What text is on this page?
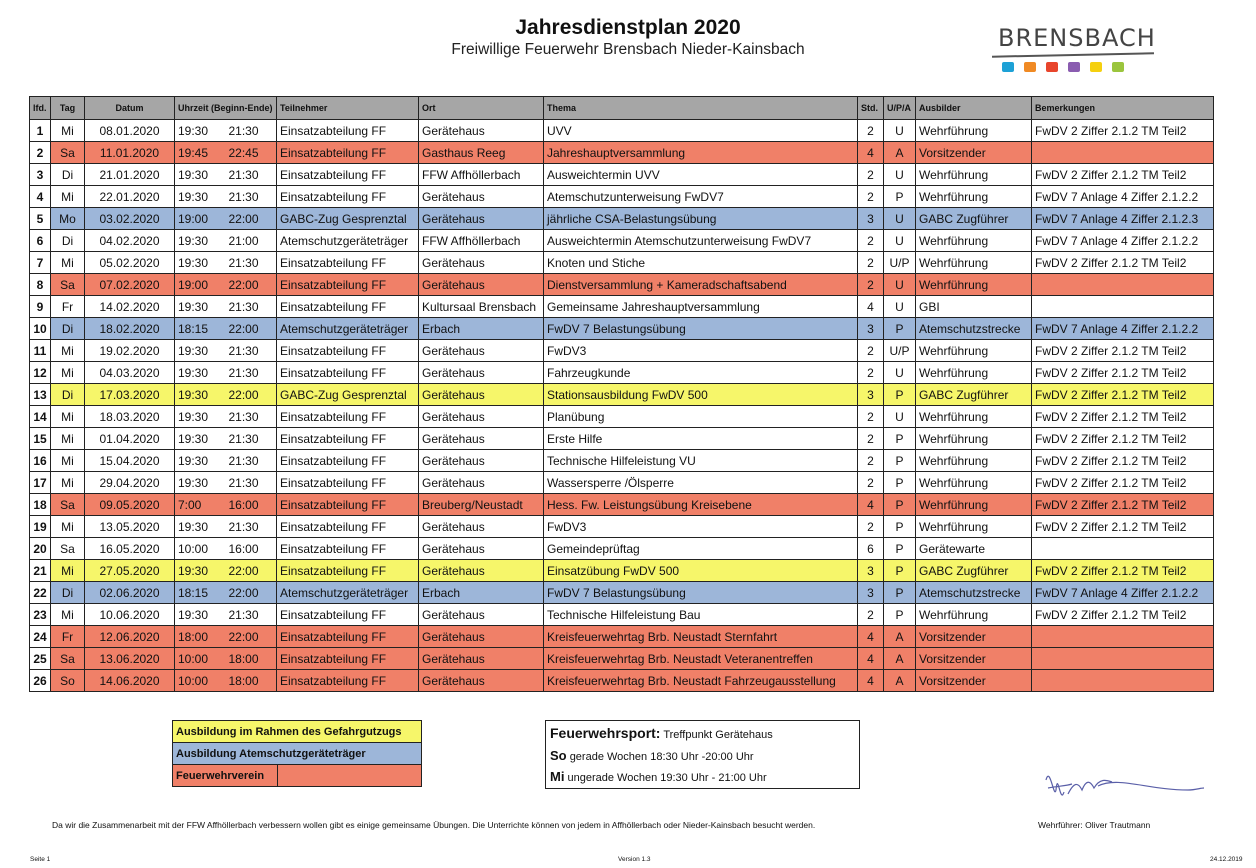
Jahresdienstplan 2020
Freiwillige Feuerwehr Brensbach Nieder-Kainsbach	BRENSBACH
lfd.	Tag	Datum	Uhrzeit (Beginn-Ende)		Teilnehmer	Ort	Thema	Std.	U/P/A	Ausbilder	Bemerkungen
1	Mi	08.01.2020	19:30	21:30	Einsatzabteilung FF	Gerätehaus	UVV	2	U	Wehrführung	FwDV 2 Ziffer 2.1.2 TM Teil2
2	Sa	11.01.2020	19:45	22:45	Einsatzabteilung FF	Gasthaus Reeg	Jahreshauptversammlung	4	A	Vorsitzender	
3	Di	21.01.2020	19:30	21:30	Einsatzabteilung FF	FFW Affhöllerbach	Ausweichtermin UVV	2	U	Wehrführung	FwDV 2 Ziffer 2.1.2 TM Teil2
4	Mi	22.01.2020	19:30	21:30	Einsatzabteilung FF	Gerätehaus	Atemschutzunterweisung FwDV7	2	P	Wehrführung	FwDV 7 Anlage 4 Ziffer 2.1.2.2
5	Mo	03.02.2020	19:00	22:00	GABC-Zug Gesprenztal	Gerätehaus	jährliche CSA-Belastungsübung	3	U	GABC Zugführer	FwDV 7 Anlage 4 Ziffer 2.1.2.3
6	Di	04.02.2020	19:30	21:00	Atemschutzgeräteträger	FFW Affhöllerbach	Ausweichtermin Atemschutzunterweisung FwDV7	2	U	Wehrführung	FwDV 7 Anlage 4 Ziffer 2.1.2.2
7	Mi	05.02.2020	19:30	21:30	Einsatzabteilung FF	Gerätehaus	Knoten und Stiche	2	U/P	Wehrführung	FwDV 2 Ziffer 2.1.2 TM Teil2
8	Sa	07.02.2020	19:00	22:00	Einsatzabteilung FF	Gerätehaus	Dienstversammlung + Kameradschaftsabend	2	U	Wehrführung	
9	Fr	14.02.2020	19:30	21:30	Einsatzabteilung FF	Kultursaal Brensbach	Gemeinsame Jahreshauptversammlung	4	U	GBI	
10	Di	18.02.2020	18:15	22:00	Atemschutzgeräteträger	Erbach	FwDV 7 Belastungsübung	3	P	Atemschutzstrecke	FwDV 7 Anlage 4 Ziffer 2.1.2.2
11	Mi	19.02.2020	19:30	21:30	Einsatzabteilung FF	Gerätehaus	FwDV3	2	U/P	Wehrführung	FwDV 2 Ziffer 2.1.2 TM Teil2
12	Mi	04.03.2020	19:30	21:30	Einsatzabteilung FF	Gerätehaus	Fahrzeugkunde	2	U	Wehrführung	FwDV 2 Ziffer 2.1.2 TM Teil2
13	Di	17.03.2020	19:30	22:00	GABC-Zug Gesprenztal	Gerätehaus	Stationsausbildung FwDV 500	3	P	GABC Zugführer	FwDV 2 Ziffer 2.1.2 TM Teil2
14	Mi	18.03.2020	19:30	21:30	Einsatzabteilung FF	Gerätehaus	Planübung	2	U	Wehrführung	FwDV 2 Ziffer 2.1.2 TM Teil2
15	Mi	01.04.2020	19:30	21:30	Einsatzabteilung FF	Gerätehaus	Erste Hilfe	2	P	Wehrführung	FwDV 2 Ziffer 2.1.2 TM Teil2
16	Mi	15.04.2020	19:30	21:30	Einsatzabteilung FF	Gerätehaus	Technische Hilfeleistung VU	2	P	Wehrführung	FwDV 2 Ziffer 2.1.2 TM Teil2
17	Mi	29.04.2020	19:30	21:30	Einsatzabteilung FF	Gerätehaus	Wassersperre /Ölsperre	2	P	Wehrführung	FwDV 2 Ziffer 2.1.2 TM Teil2
18	Sa	09.05.2020	7:00	16:00	Einsatzabteilung FF	Breuberg/Neustadt	Hess. Fw. Leistungsübung Kreisebene	4	P	Wehrführung	FwDV 2 Ziffer 2.1.2 TM Teil2
19	Mi	13.05.2020	19:30	21:30	Einsatzabteilung FF	Gerätehaus	FwDV3	2	P	Wehrführung	FwDV 2 Ziffer 2.1.2 TM Teil2
20	Sa	16.05.2020	10:00	16:00	Einsatzabteilung FF	Gerätehaus	Gemeindeprüftag	6	P	Gerätewarte	
21	Mi	27.05.2020	19:30	22:00	Einsatzabteilung FF	Gerätehaus	Einsatzübung FwDV 500	3	P	GABC Zugführer	FwDV 2 Ziffer 2.1.2 TM Teil2
22	Di	02.06.2020	18:15	22:00	Atemschutzgeräteträger	Erbach	FwDV 7 Belastungsübung	3	P	Atemschutzstrecke	FwDV 7 Anlage 4 Ziffer 2.1.2.2
23	Mi	10.06.2020	19:30	21:30	Einsatzabteilung FF	Gerätehaus	Technische Hilfeleistung Bau	2	P	Wehrführung	FwDV 2 Ziffer 2.1.2 TM Teil2
24	Fr	12.06.2020	18:00	22:00	Einsatzabteilung FF	Gerätehaus	Kreisfeuerwehrtag Brb. Neustadt Sternfahrt	4	A	Vorsitzender	
25	Sa	13.06.2020	10:00	18:00	Einsatzabteilung FF	Gerätehaus	Kreisfeuerwehrtag Brb. Neustadt Veteranentreffen	4	A	Vorsitzender	
26	So	14.06.2020	10:00	18:00	Einsatzabteilung FF	Gerätehaus	Kreisfeuerwehrtag Brb. Neustadt Fahrzeugausstellung	4	A	Vorsitzender	
Ausbildung im Rahmen des Gefahrgutzugs
Ausbildung Atemschutzgeräteträger
Feuerwehrverein	
Feuerwehrsport: Treffpunkt Gerätehaus
So gerade Wochen 18:30 Uhr -20:00 Uhr
Mi ungerade Wochen 19:30 Uhr - 21:00 Uhr
Da wir die Zusammenarbeit mit der FFW Affhöllerbach verbessern wollen gibt es einige gemeinsame Übungen. Die Unterrichte können von jedem in Affhöllerbach oder Nieder-Kainsbach besucht werden.	Wehrführer: Oliver Trautmann
Seite 1	Version 1.3	24.12.2019
